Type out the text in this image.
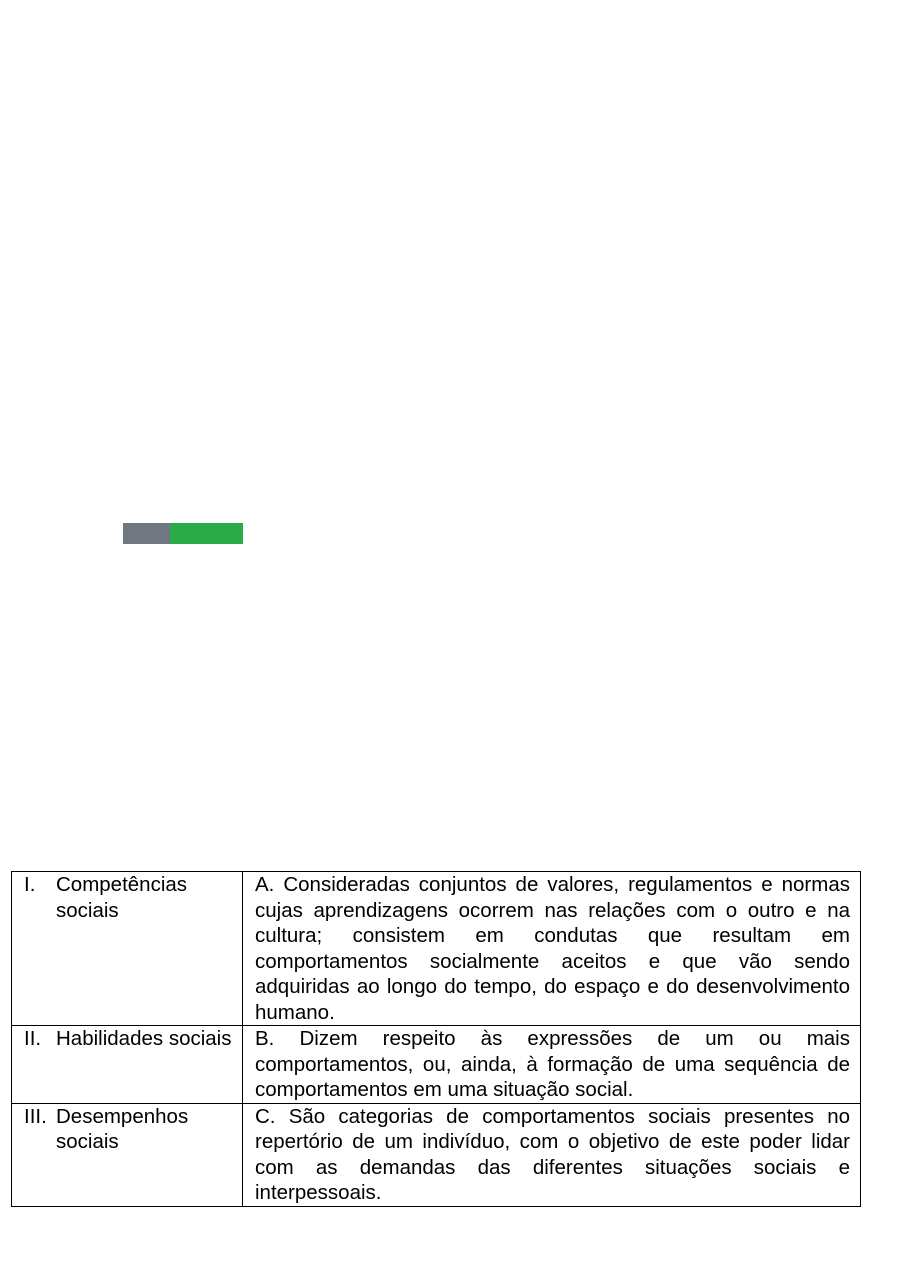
I. Competências sociais	A. Consideradas conjuntos de valores, regulamentos e normas cujas aprendizagens ocorrem nas relações com o outro e na cultura; consistem em condutas que resultam em comportamentos socialmente aceitos e que vão sendo adquiridas ao longo do tempo, do espaço e do desenvolvimento humano.

II. Habilidades sociais	B. Dizem respeito às expressões de um ou mais comportamentos, ou, ainda, à formação de uma sequência de comportamentos em uma situação social.

III. Desempenhos sociais	C. São categorias de comportamentos sociais presentes no repertório de um indivíduo, com o objetivo de este poder lidar com as demandas das diferentes situações sociais e interpessoais.
